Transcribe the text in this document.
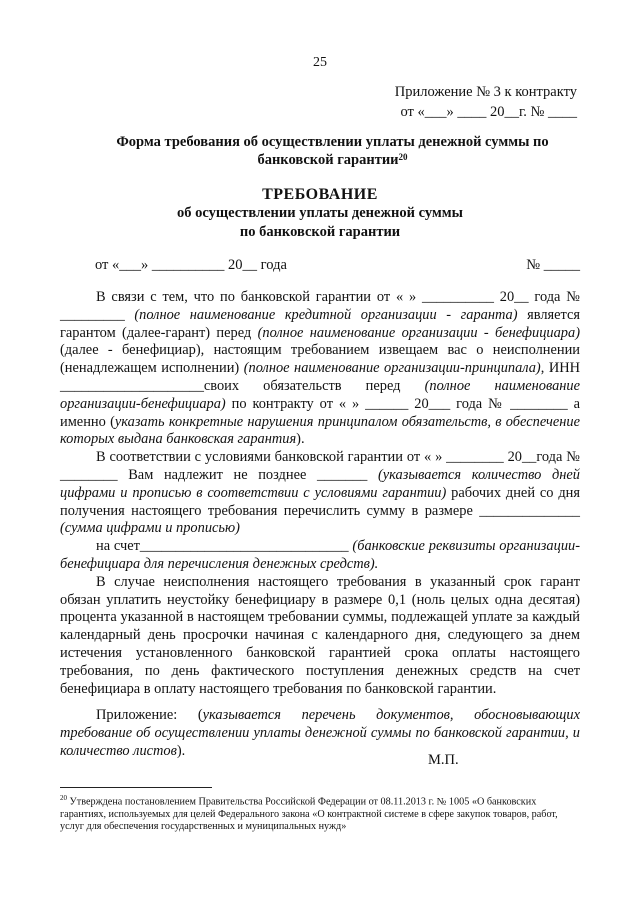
25
Приложение № 3 к контракту
от «___» ____ 20__г. № ____
Форма требования об осуществлении уплаты денежной суммы по банковской гарантии$^{20}$
ТРЕБОВАНИЕ
об осуществлении уплаты денежной суммы
по банковской гарантии
от «___» __________ 20__ года	№ _____

В связи с тем, что по банковской гарантии от « » __________ 20__ года № _________ (полное наименование кредитной организации - гаранта) является гарантом (далее-гарант) перед (полное наименование организации - бенефициара) (далее - бенефициар), настоящим требованием извещаем вас о неисполнении (ненадлежащем исполнении) (полное наименование организации-принципала), ИНН ____________________своих обязательств перед (полное наименование организации-бенефициара) по контракту от « » ______ 20___ года № ________ а именно (указать конкретные нарушения принципалом обязательств, в обеспечение которых выдана банковская гарантия).

В соответствии с условиями банковской гарантии от « » ________ 20__года № ________ Вам надлежит не позднее _______ (указывается количество дней цифрами и прописью в соответствии с условиями гарантии) рабочих дней со дня получения настоящего требования перечислить сумму в размере ______________ (сумма цифрами и прописью)

на счет_____________________________ (банковские реквизиты организации-бенефициара для перечисления денежных средств).

В случае неисполнения настоящего требования в указанный срок гарант обязан уплатить неустойку бенефициару в размере 0,1 (ноль целых одна десятая) процента указанной в настоящем требовании суммы, подлежащей уплате за каждый календарный день просрочки начиная с календарного дня, следующего за днем истечения установленного банковской гарантией срока оплаты настоящего требования, по день фактического поступления денежных средств на счет бенефициара в оплату настоящего требования по банковской гарантии.

Приложение: (указывается перечень документов, обосновывающих требование об осуществлении уплаты денежной суммы по банковской гарантии, и количество листов).

М.П.
$^{20}$ Утверждена постановлением Правительства Российской Федерации от 08.11.2013 г. № 1005 «О банковских гарантиях, используемых для целей Федерального закона «О контрактной системе в сфере закупок товаров, работ, услуг для обеспечения государственных и муниципальных нужд»
